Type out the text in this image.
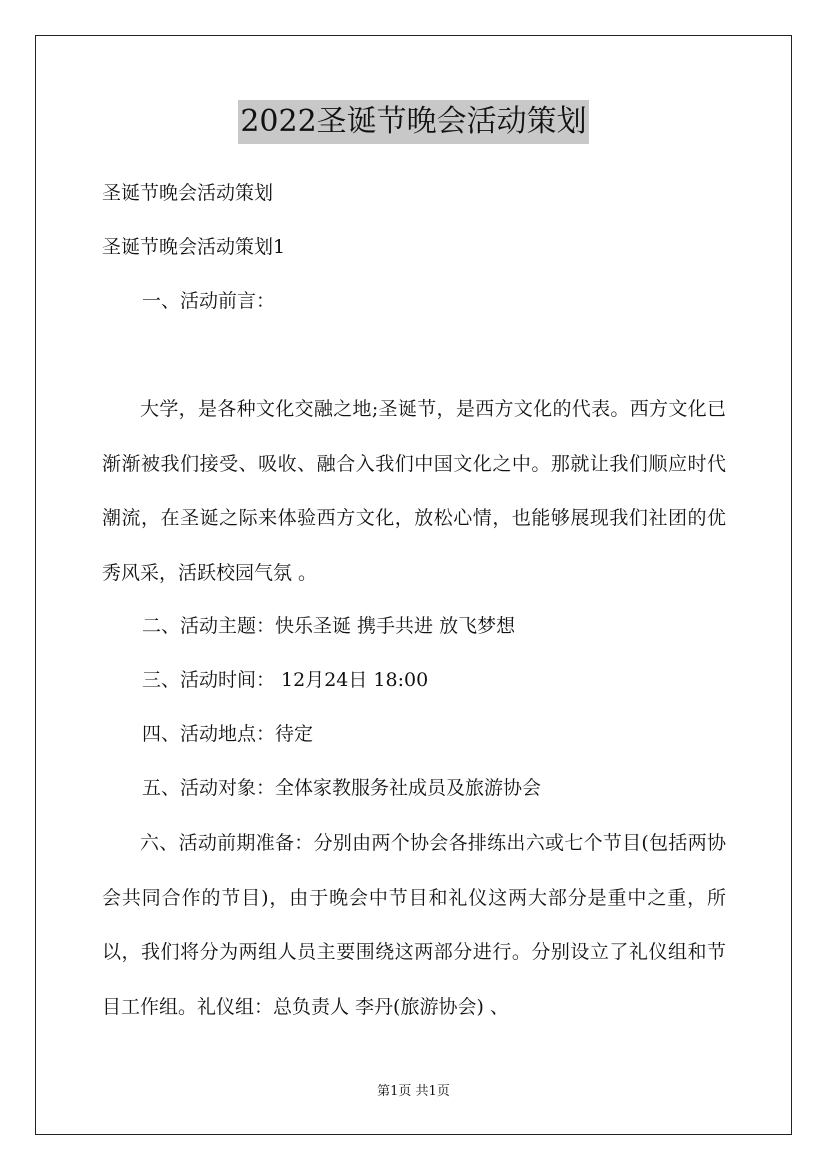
2022圣诞节晚会活动策划
圣诞节晚会活动策划
圣诞节晚会活动策划1
一、活动前言：
大学，是各种文化交融之地;圣诞节，是西方文化的代表。西方文化已渐渐被我们接受、吸收、融合入我们中国文化之中。那就让我们顺应时代潮流，在圣诞之际来体验西方文化，放松心情，也能够展现我们社团的优秀风采，活跃校园气氛 。
二、活动主题：快乐圣诞 携手共进 放飞梦想
三、活动时间： 12月24日 18:00
四、活动地点：待定
五、活动对象：全体家教服务社成员及旅游协会
六、活动前期准备：分别由两个协会各排练出六或七个节目(包括两协会共同合作的节目)，由于晚会中节目和礼仪这两大部分是重中之重，所以，我们将分为两组人员主要围绕这两部分进行。分别设立了礼仪组和节目工作组。礼仪组：总负责人 李丹(旅游协会) 、
第1页 共1页
